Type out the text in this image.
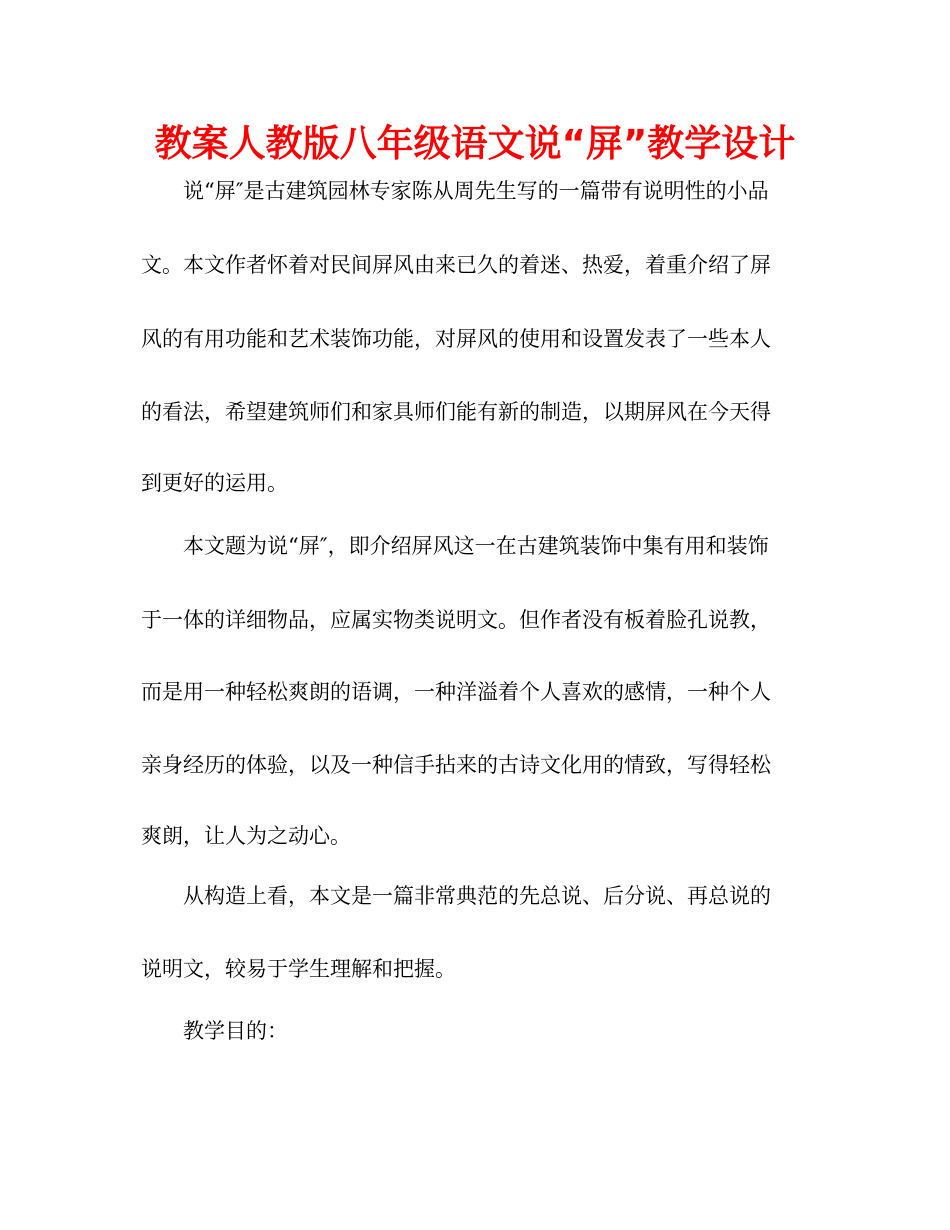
教案人教版八年级语文说“屏”教学设计

说“屏″是古建筑园林专家陈从周先生写的一篇带有说明性的小品

文。本文作者怀着对民间屏风由来已久的着迷、热爱，着重介绍了屏

风的有用功能和艺术装饰功能，对屏风的使用和设置发表了一些本人

的看法，希望建筑师们和家具师们能有新的制造，以期屏风在今天得

到更好的运用。

本文题为说“屏″，即介绍屏风这一在古建筑装饰中集有用和装饰

于一体的详细物品，应属实物类说明文。但作者没有板着脸孔说教，

而是用一种轻松爽朗的语调，一种洋溢着个人喜欢的感情，一种个人

亲身经历的体验，以及一种信手拈来的古诗文化用的情致，写得轻松

爽朗，让人为之动心。

从构造上看，本文是一篇非常典范的先总说、后分说、再总说的

说明文，较易于学生理解和把握。

教学目的：
